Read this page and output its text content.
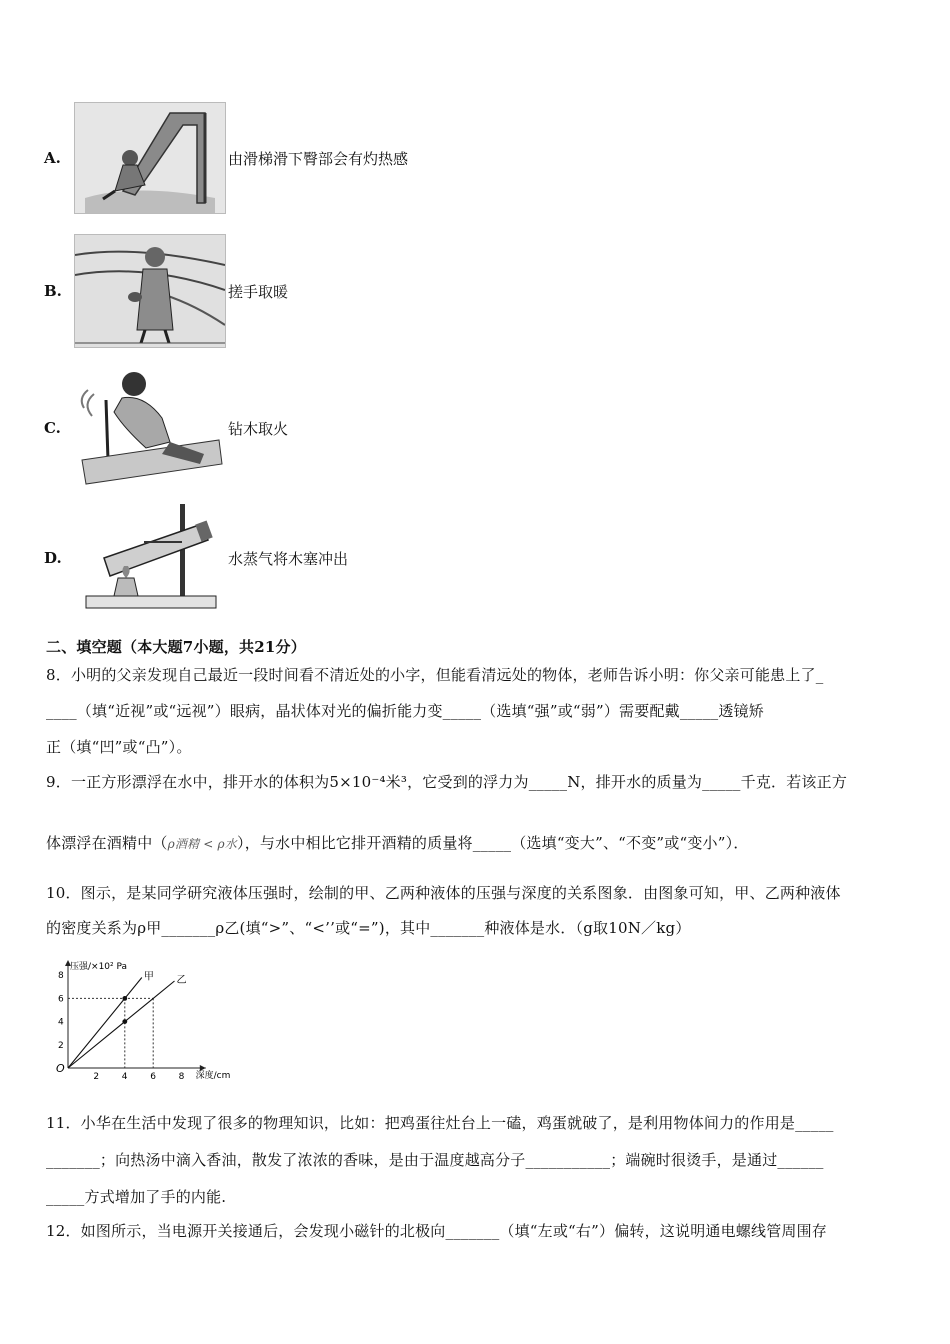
A.	由滑梯滑下臀部会有灼热感
B.	搓手取暖
C.	钻木取火
D.	水蒸气将木塞冲出
二、填空题（本大题7小题，共21分）
8．小明的父亲发现自己最近一段时间看不清近处的小字，但能看清远处的物体，老师告诉小明：你父亲可能患上了_
____（填“近视”或“远视”）眼病，晶状体对光的偏折能力变_____（选填“强”或“弱”）需要配戴_____透镜矫
正（填“凹”或“凸”）。
9．一正方形漂浮在水中，排开水的体积为5×10⁻⁴米³，它受到的浮力为_____N，排开水的质量为_____千克．若该正方
体漂浮在酒精中（ρ酒精 < ρ水），与水中相比它排开酒精的质量将_____（选填“变大”、“不变”或“变小”）．
10．图示，是某同学研究液体压强时，绘制的甲、乙两种液体的压强与深度的关系图象．由图象可知，甲、乙两种液体
的密度关系为ρ甲_______ρ乙(填“>”、“<’’或“=”)，其中_______种液体是水．（g取10N／kg）
O
压强/×10² Pa
深度/cm
2	4	6	8
2
4
6
8	甲 乙
11．小华在生活中发现了很多的物理知识，比如：把鸡蛋往灶台上一磕，鸡蛋就破了，是利用物体间力的作用是_____
_______；向热汤中滴入香油，散发了浓浓的香味，是由于温度越高分子___________；端碗时很烫手，是通过______
_____方式增加了手的内能.
12．如图所示，当电源开关接通后，会发现小磁针的北极向_______（填“左或“右”）偏转，这说明通电螺线管周围存
